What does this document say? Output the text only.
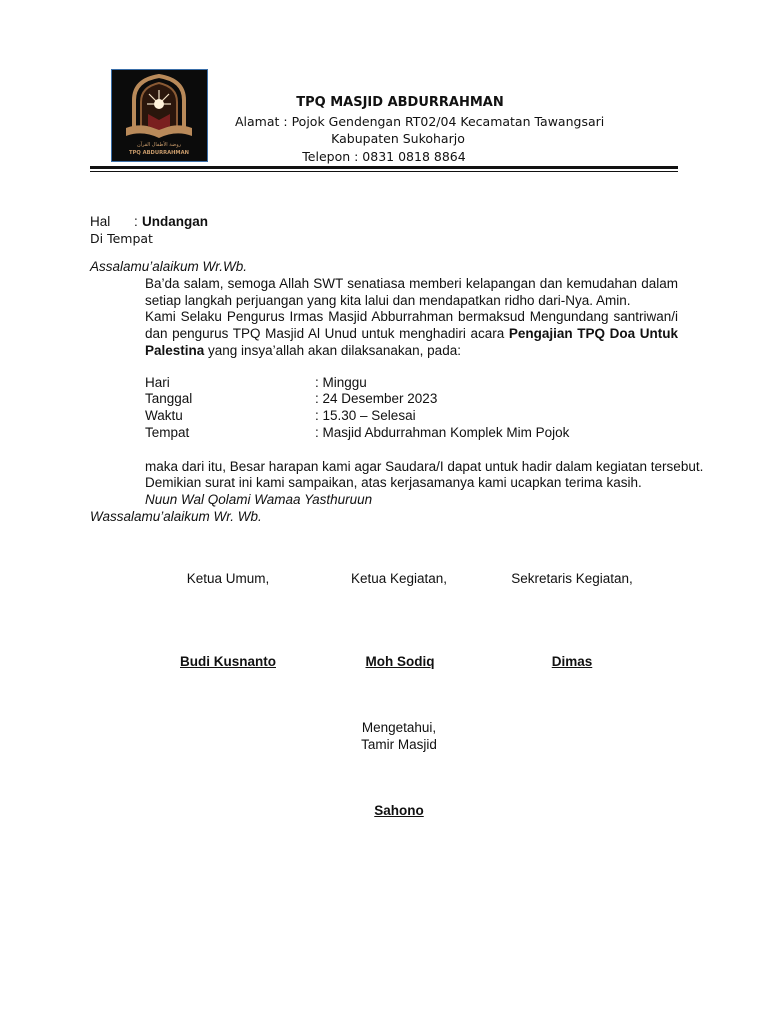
روضة الأطفال القرآن
TPQ ABDURRAHMAN
TPQ MASJID ABDURRAHMAN
Alamat : Pojok Gendengan RT02/04 Kecamatan Tawangsari
Kabupaten Sukoharjo
Telepon : 0831 0818 8864
Hal : Undangan
Di Tempat
Assalamu’alaikum Wr.Wb.
Ba’da salam, semoga Allah SWT senatiasa memberi kelapangan dan kemudahan dalam setiap langkah perjuangan yang kita lalui dan mendapatkan ridho dari-Nya. Amin.
Kami Selaku Pengurus Irmas Masjid Abburrahman bermaksud Mengundang santriwan/i dan pengurus TPQ Masjid Al Unud untuk menghadiri acara Pengajian TPQ Doa Untuk Palestina yang insya’allah akan dilaksanakan, pada:
Hari	: Minggu
Tanggal	: 24 Desember 2023
Waktu	: 15.30 – Selesai
Tempat	: Masjid Abdurrahman Komplek Mim Pojok
maka dari itu, Besar harapan kami agar Saudara/I dapat untuk hadir dalam kegiatan tersebut.
Demikian surat ini kami sampaikan, atas kerjasamanya kami ucapkan terima kasih.
Nuun Wal Qolami Wamaa Yasthuruun
Wassalamu’alaikum Wr. Wb.
Ketua Umum,	Ketua Kegiatan,	Sekretaris Kegiatan,
Budi Kusnanto	Moh Sodiq	Dimas
Mengetahui,
Tamir Masjid
Sahono
